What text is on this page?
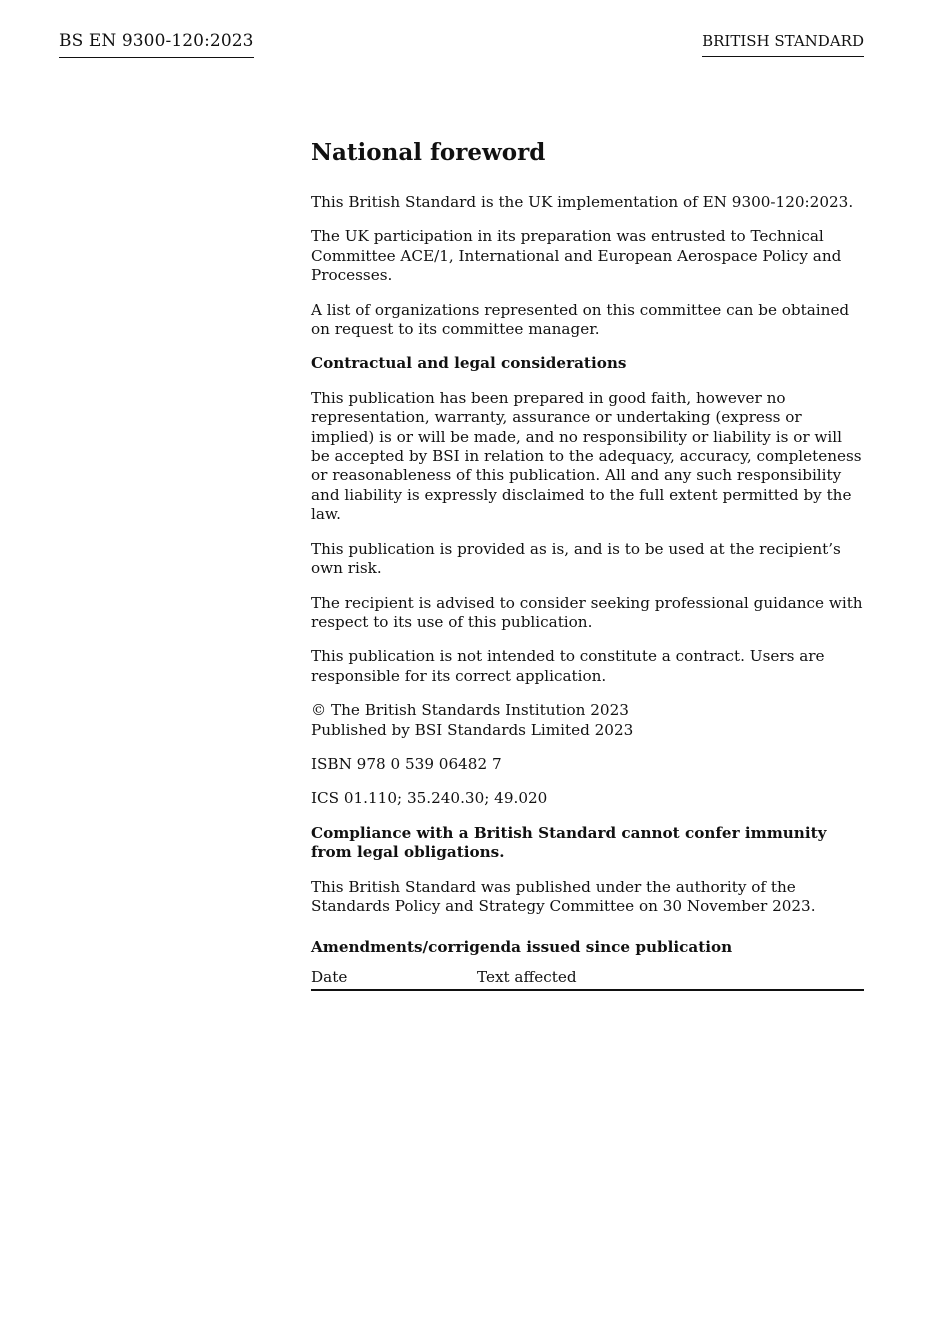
BS EN 9300-120:2023	BRITISH STANDARD
National foreword

This British Standard is the UK implementation of EN 9300-120:2023.

The UK participation in its preparation was entrusted to Technical Committee ACE/1, International and European Aerospace Policy and Processes.

A list of organizations represented on this committee can be obtained on request to its committee manager.

Contractual and legal considerations

This publication has been prepared in good faith, however no representation, warranty, assurance or undertaking (express or implied) is or will be made, and no responsibility or liability is or will be accepted by BSI in relation to the adequacy, accuracy, completeness or reasonableness of this publication. All and any such responsibility and liability is expressly disclaimed to the full extent permitted by the law.

This publication is provided as is, and is to be used at the recipient’s own risk.

The recipient is advised to consider seeking professional guidance with respect to its use of this publication.

This publication is not intended to constitute a contract. Users are responsible for its correct application.

© The British Standards Institution 2023
Published by BSI Standards Limited 2023

ISBN 978 0 539 06482 7

ICS 01.110; 35.240.30; 49.020

Compliance with a British Standard cannot confer immunity from legal obligations.

This British Standard was published under the authority of the Standards Policy and Strategy Committee on 30 November 2023.

Amendments/corrigenda issued since publication
Date	Text affected
